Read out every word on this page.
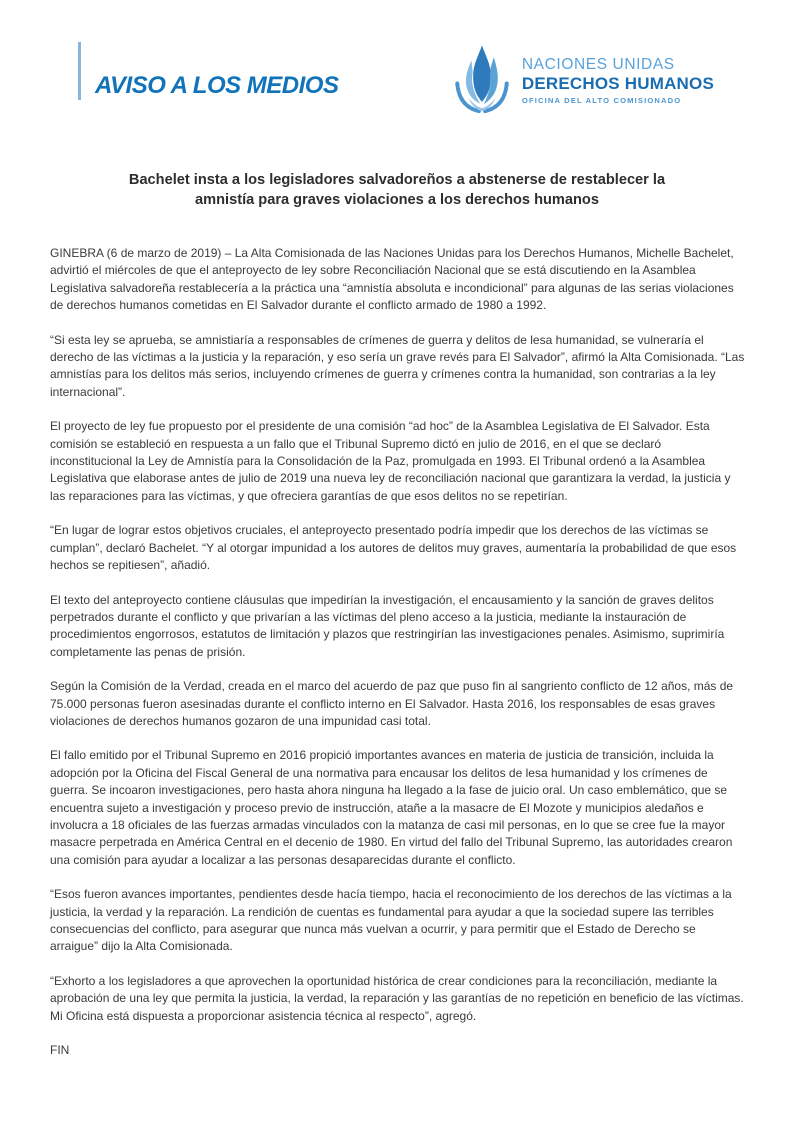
AVISO A LOS MEDIOS
NACIONES UNIDAS
DERECHOS HUMANOS
OFICINA DEL ALTO COMISIONADO
Bachelet insta a los legisladores salvadoreños a abstenerse de restablecer la
amnistía para graves violaciones a los derechos humanos

GINEBRA (6 de marzo de 2019) – La Alta Comisionada de las Naciones Unidas para los Derechos Humanos, Michelle Bachelet, advirtió el miércoles de que el anteproyecto de ley sobre Reconciliación Nacional que se está discutiendo en la Asamblea Legislativa salvadoreña restablecería a la práctica una “amnistía absoluta e incondicional” para algunas de las serias violaciones de derechos humanos cometidas en El Salvador durante el conflicto armado de 1980 a 1992.

“Si esta ley se aprueba, se amnistiaría a responsables de crímenes de guerra y delitos de lesa humanidad, se vulneraría el derecho de las víctimas a la justicia y la reparación, y eso sería un grave revés para El Salvador”, afirmó la Alta Comisionada. “Las amnistías para los delitos más serios, incluyendo crímenes de guerra y crímenes contra la humanidad, son contrarias a la ley internacional”.

El proyecto de ley fue propuesto por el presidente de una comisión “ad hoc” de la Asamblea Legislativa de El Salvador. Esta comisión se estableció en respuesta a un fallo que el Tribunal Supremo dictó en julio de 2016, en el que se declaró inconstitucional la Ley de Amnistía para la Consolidación de la Paz, promulgada en 1993. El Tribunal ordenó a la Asamblea Legislativa que elaborase antes de julio de 2019 una nueva ley de reconciliación nacional que garantizara la verdad, la justicia y las reparaciones para las víctimas, y que ofreciera garantías de que esos delitos no se repetirían.

“En lugar de lograr estos objetivos cruciales, el anteproyecto presentado podría impedir que los derechos de las víctimas se cumplan”, declaró Bachelet. “Y al otorgar impunidad a los autores de delitos muy graves, aumentaría la probabilidad de que esos hechos se repitiesen”, añadió.

El texto del anteproyecto contiene cláusulas que impedirían la investigación, el encausamiento y la sanción de graves delitos perpetrados durante el conflicto y que privarían a las víctimas del pleno acceso a la justicia, mediante la instauración de procedimientos engorrosos, estatutos de limitación y plazos que restringirían las investigaciones penales. Asimismo, suprimiría completamente las penas de prisión.

Según la Comisión de la Verdad, creada en el marco del acuerdo de paz que puso fin al sangriento conflicto de 12 años, más de 75.000 personas fueron asesinadas durante el conflicto interno en El Salvador. Hasta 2016, los responsables de esas graves violaciones de derechos humanos gozaron de una impunidad casi total.

El fallo emitido por el Tribunal Supremo en 2016 propició importantes avances en materia de justicia de transición, incluida la adopción por la Oficina del Fiscal General de una normativa para encausar los delitos de lesa humanidad y los crímenes de guerra. Se incoaron investigaciones, pero hasta ahora ninguna ha llegado a la fase de juicio oral. Un caso emblemático, que se encuentra sujeto a investigación y proceso previo de instrucción, atañe a la masacre de El Mozote y municipios aledaños e involucra a 18 oficiales de las fuerzas armadas vinculados con la matanza de casi mil personas, en lo que se cree fue la mayor masacre perpetrada en América Central en el decenio de 1980. En virtud del fallo del Tribunal Supremo, las autoridades crearon una comisión para ayudar a localizar a las personas desaparecidas durante el conflicto.

“Esos fueron avances importantes, pendientes desde hacía tiempo, hacia el reconocimiento de los derechos de las víctimas a la justicia, la verdad y la reparación. La rendición de cuentas es fundamental para ayudar a que la sociedad supere las terribles consecuencias del conflicto, para asegurar que nunca más vuelvan a ocurrir, y para permitir que el Estado de Derecho se arraigue” dijo la Alta Comisionada.

“Exhorto a los legisladores a que aprovechen la oportunidad histórica de crear condiciones para la reconciliación, mediante la aprobación de una ley que permita la justicia, la verdad, la reparación y las garantías de no repetición en beneficio de las víctimas. Mi Oficina está dispuesta a proporcionar asistencia técnica al respecto”, agregó.

FIN
